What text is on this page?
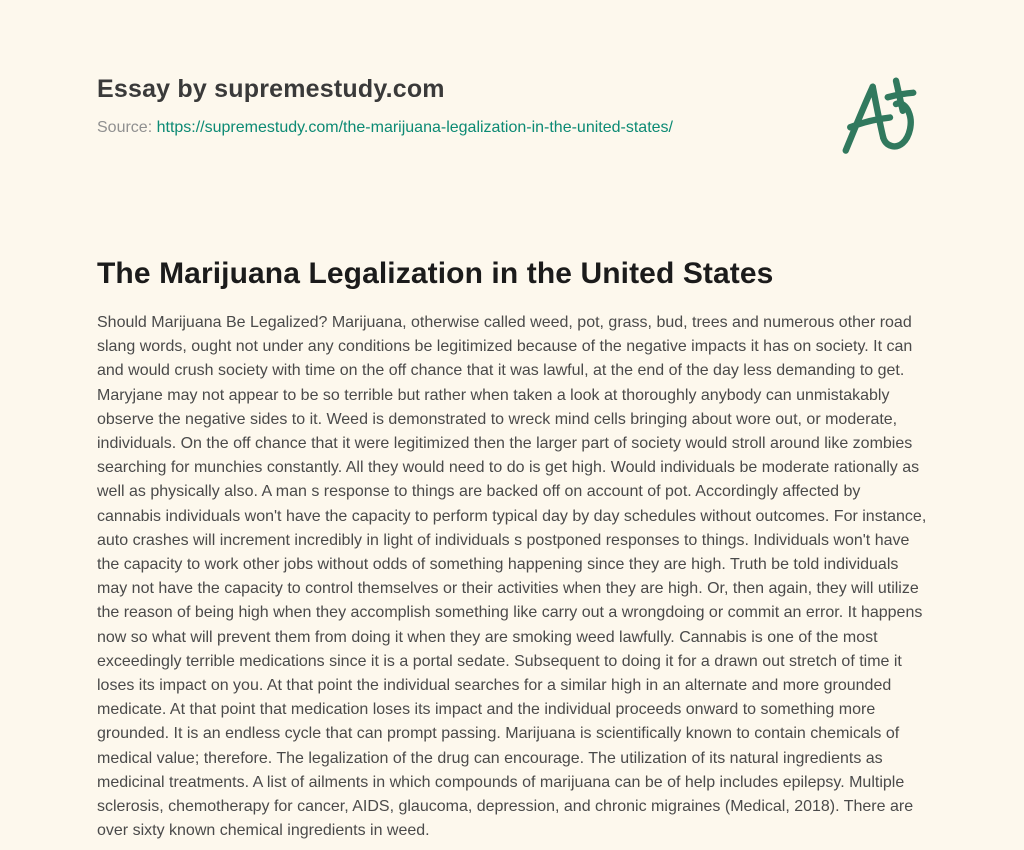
Essay by supremestudy.com

Source: https://supremestudy.com/the-marijuana-legalization-in-the-united-states/

The Marijuana Legalization in the United States

Should Marijuana Be Legalized? Marijuana, otherwise called weed, pot, grass, bud, trees and numerous other road slang words, ought not under any conditions be legitimized because of the negative impacts it has on society. It can and would crush society with time on the off chance that it was lawful, at the end of the day less demanding to get. Maryjane may not appear to be so terrible but rather when taken a look at thoroughly anybody can unmistakably observe the negative sides to it. Weed is demonstrated to wreck mind cells bringing about wore out, or moderate, individuals. On the off chance that it were legitimized then the larger part of society would stroll around like zombies searching for munchies constantly. All they would need to do is get high. Would individuals be moderate rationally as well as physically also. A man s response to things are backed off on account of pot. Accordingly affected by cannabis individuals won't have the capacity to perform typical day by day schedules without outcomes. For instance, auto crashes will increment incredibly in light of individuals s postponed responses to things. Individuals won't have the capacity to work other jobs without odds of something happening since they are high. Truth be told individuals may not have the capacity to control themselves or their activities when they are high. Or, then again, they will utilize the reason of being high when they accomplish something like carry out a wrongdoing or commit an error. It happens now so what will prevent them from doing it when they are smoking weed lawfully. Cannabis is one of the most exceedingly terrible medications since it is a portal sedate. Subsequent to doing it for a drawn out stretch of time it loses its impact on you. At that point the individual searches for a similar high in an alternate and more grounded medicate. At that point that medication loses its impact and the individual proceeds onward to something more grounded. It is an endless cycle that can prompt passing. Marijuana is scientifically known to contain chemicals of medical value; therefore. The legalization of the drug can encourage. The utilization of its natural ingredients as medicinal treatments. A list of ailments in which compounds of marijuana can be of help includes epilepsy. Multiple sclerosis, chemotherapy for cancer, AIDS, glaucoma, depression, and chronic migraines (Medical, 2018). There are over sixty known chemical ingredients in weed.
